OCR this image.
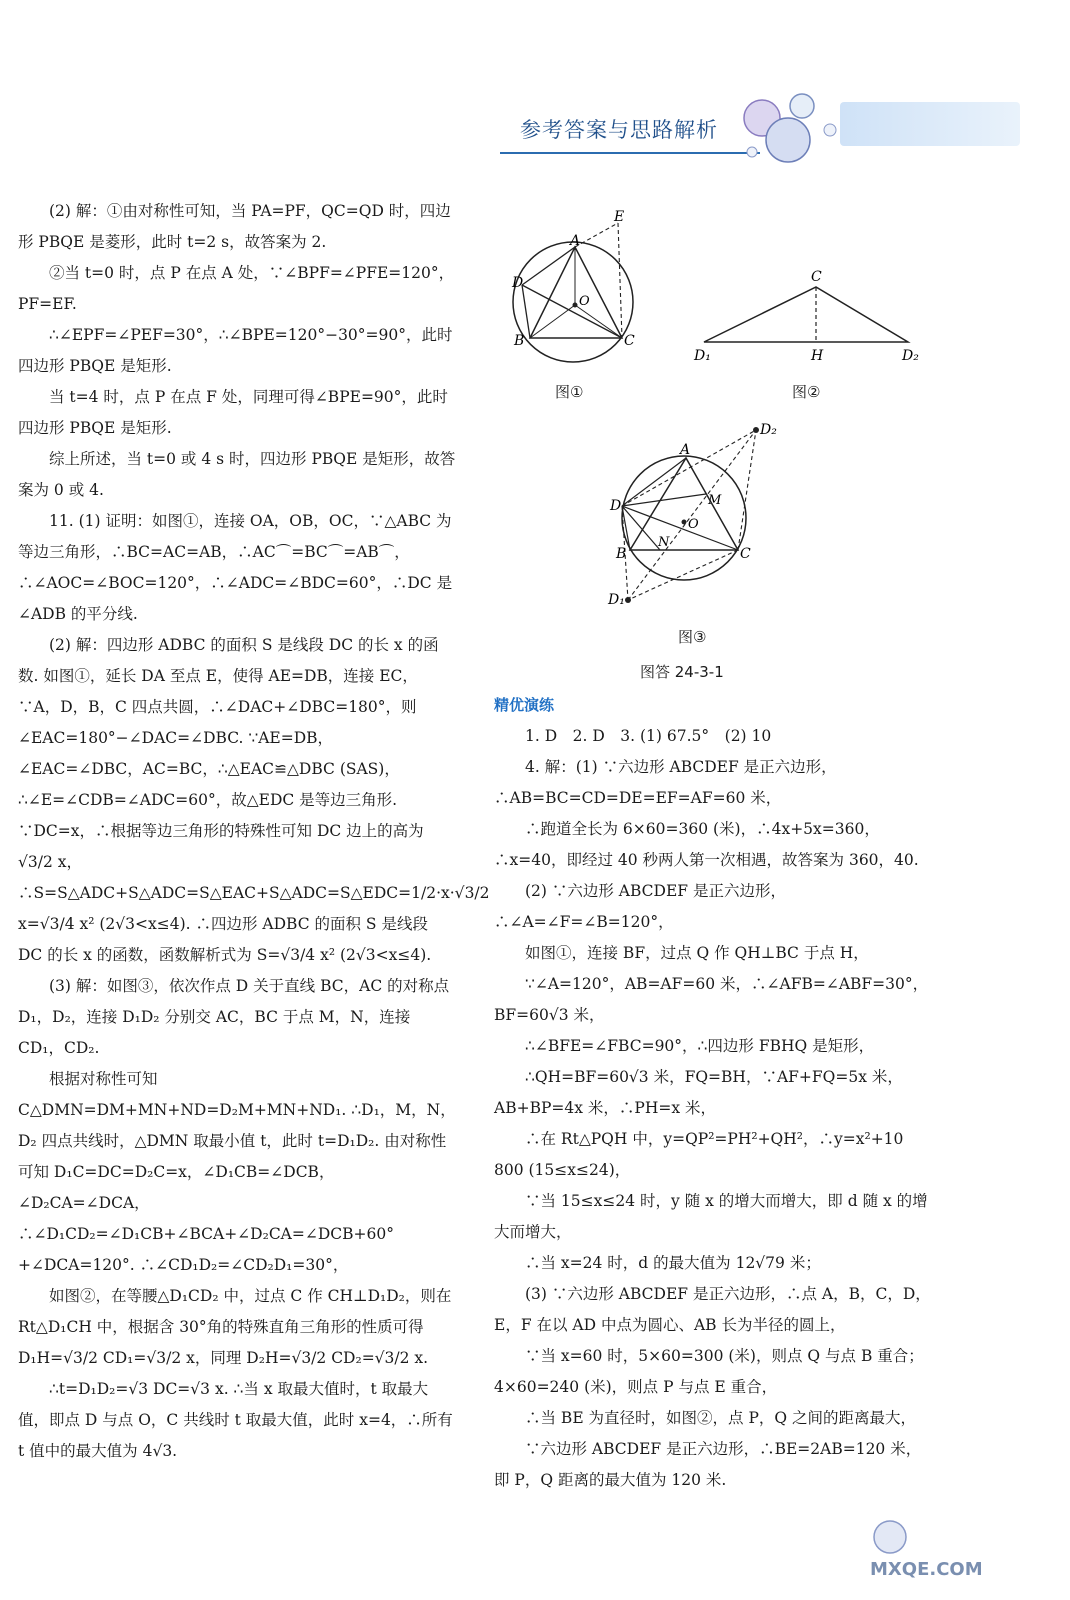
参考答案与思路解析

(2) 解：①由对称性可知，当 PA=PF，QC=QD 时，四边形 PBQE 是菱形，此时 t=2 s，故答案为 2.

②当 t=0 时，点 P 在点 A 处，∵∠BPF=∠PFE=120°，PF=EF.

∴∠EPF=∠PEF=30°，∴∠BPE=120°−30°=90°，此时四边形 PBQE 是矩形.

当 t=4 时，点 P 在点 F 处，同理可得∠BPE=90°，此时四边形 PBQE 是矩形.

综上所述，当 t=0 或 4 s 时，四边形 PBQE 是矩形，故答案为 0 或 4.

11. (1) 证明：如图①，连接 OA，OB，OC，∵△ABC 为等边三角形，∴BC=AC=AB，∴AC⌒=BC⌒=AB⌒，∴∠AOC=∠BOC=120°，∴∠ADC=∠BDC=60°，∴DC 是∠ADB 的平分线.

(2) 解：四边形 ADBC 的面积 S 是线段 DC 的长 x 的函数. 如图①，延长 DA 至点 E，使得 AE=DB，连接 EC，∵A，D，B，C 四点共圆，∴∠DAC+∠DBC=180°，则∠EAC=180°−∠DAC=∠DBC. ∵AE=DB，∠EAC=∠DBC，AC=BC，∴△EAC≌△DBC (SAS)，∴∠E=∠CDB=∠ADC=60°，故△EDC 是等边三角形. ∵DC=x，∴根据等边三角形的特殊性可知 DC 边上的高为 √3/2 x，∴S=S△ADC+S△ADC=S△EAC+S△ADC=S△EDC=1/2·x·√3/2 x=√3/4 x² (2√3<x≤4). ∴四边形 ADBC 的面积 S 是线段 DC 的长 x 的函数，函数解析式为 S=√3/4 x² (2√3<x≤4).

(3) 解：如图③，依次作点 D 关于直线 BC，AC 的对称点 D₁，D₂，连接 D₁D₂ 分别交 AC，BC 于点 M，N，连接 CD₁，CD₂.

根据对称性可知 C△DMN=DM+MN+ND=D₂M+MN+ND₁. ∴D₁，M，N，D₂ 四点共线时，△DMN 取最小值 t，此时 t=D₁D₂. 由对称性可知 D₁C=DC=D₂C=x，∠D₁CB=∠DCB，∠D₂CA=∠DCA，∴∠D₁CD₂=∠D₁CB+∠BCA+∠D₂CA=∠DCB+60°+∠DCA=120°. ∴∠CD₁D₂=∠CD₂D₁=30°，

如图②，在等腰△D₁CD₂ 中，过点 C 作 CH⊥D₁D₂，则在 Rt△D₁CH 中，根据含 30°角的特殊直角三角形的性质可得 D₁H=√3/2 CD₁=√3/2 x，同理 D₂H=√3/2 CD₂=√3/2 x.

∴t=D₁D₂=√3 DC=√3 x. ∴当 x 取最大值时，t 取最大值，即点 D 与点 O，C 共线时 t 取最大值，此时 x=4，∴所有 t 值中的最大值为 4√3.

A
D
B	C
E
O
图①
C
H
D₁	D₂
图②
A
D
B	C
M
N
O
D₂
D₁
图③
图答 24-3-1

精优演练

1. D　2. D　3. (1) 67.5°　(2) 10

4. 解：(1) ∵六边形 ABCDEF 是正六边形，∴AB=BC=CD=DE=EF=AF=60 米，

∴跑道全长为 6×60=360 (米)，∴4x+5x=360，∴x=40，即经过 40 秒两人第一次相遇，故答案为 360，40.

(2) ∵六边形 ABCDEF 是正六边形，∴∠A=∠F=∠B=120°，

如图①，连接 BF，过点 Q 作 QH⊥BC 于点 H，

∵∠A=120°，AB=AF=60 米，∴∠AFB=∠ABF=30°，BF=60√3 米，

∴∠BFE=∠FBC=90°，∴四边形 FBHQ 是矩形，

∴QH=BF=60√3 米，FQ=BH，∵AF+FQ=5x 米，AB+BP=4x 米，∴PH=x 米，

∴在 Rt△PQH 中，y=QP²=PH²+QH²，∴y=x²+10 800 (15≤x≤24)，

∵当 15≤x≤24 时，y 随 x 的增大而增大，即 d 随 x 的增大而增大，

∴当 x=24 时，d 的最大值为 12√79 米；

(3) ∵六边形 ABCDEF 是正六边形，∴点 A，B，C，D，E，F 在以 AD 中点为圆心、AB 长为半径的圆上，

∵当 x=60 时，5×60=300 (米)，则点 Q 与点 B 重合；4×60=240 (米)，则点 P 与点 E 重合，

∴当 BE 为直径时，如图②，点 P，Q 之间的距离最大，

∵六边形 ABCDEF 是正六边形，∴BE=2AB=120 米，即 P，Q 距离的最大值为 120 米.

MXQE.COM
